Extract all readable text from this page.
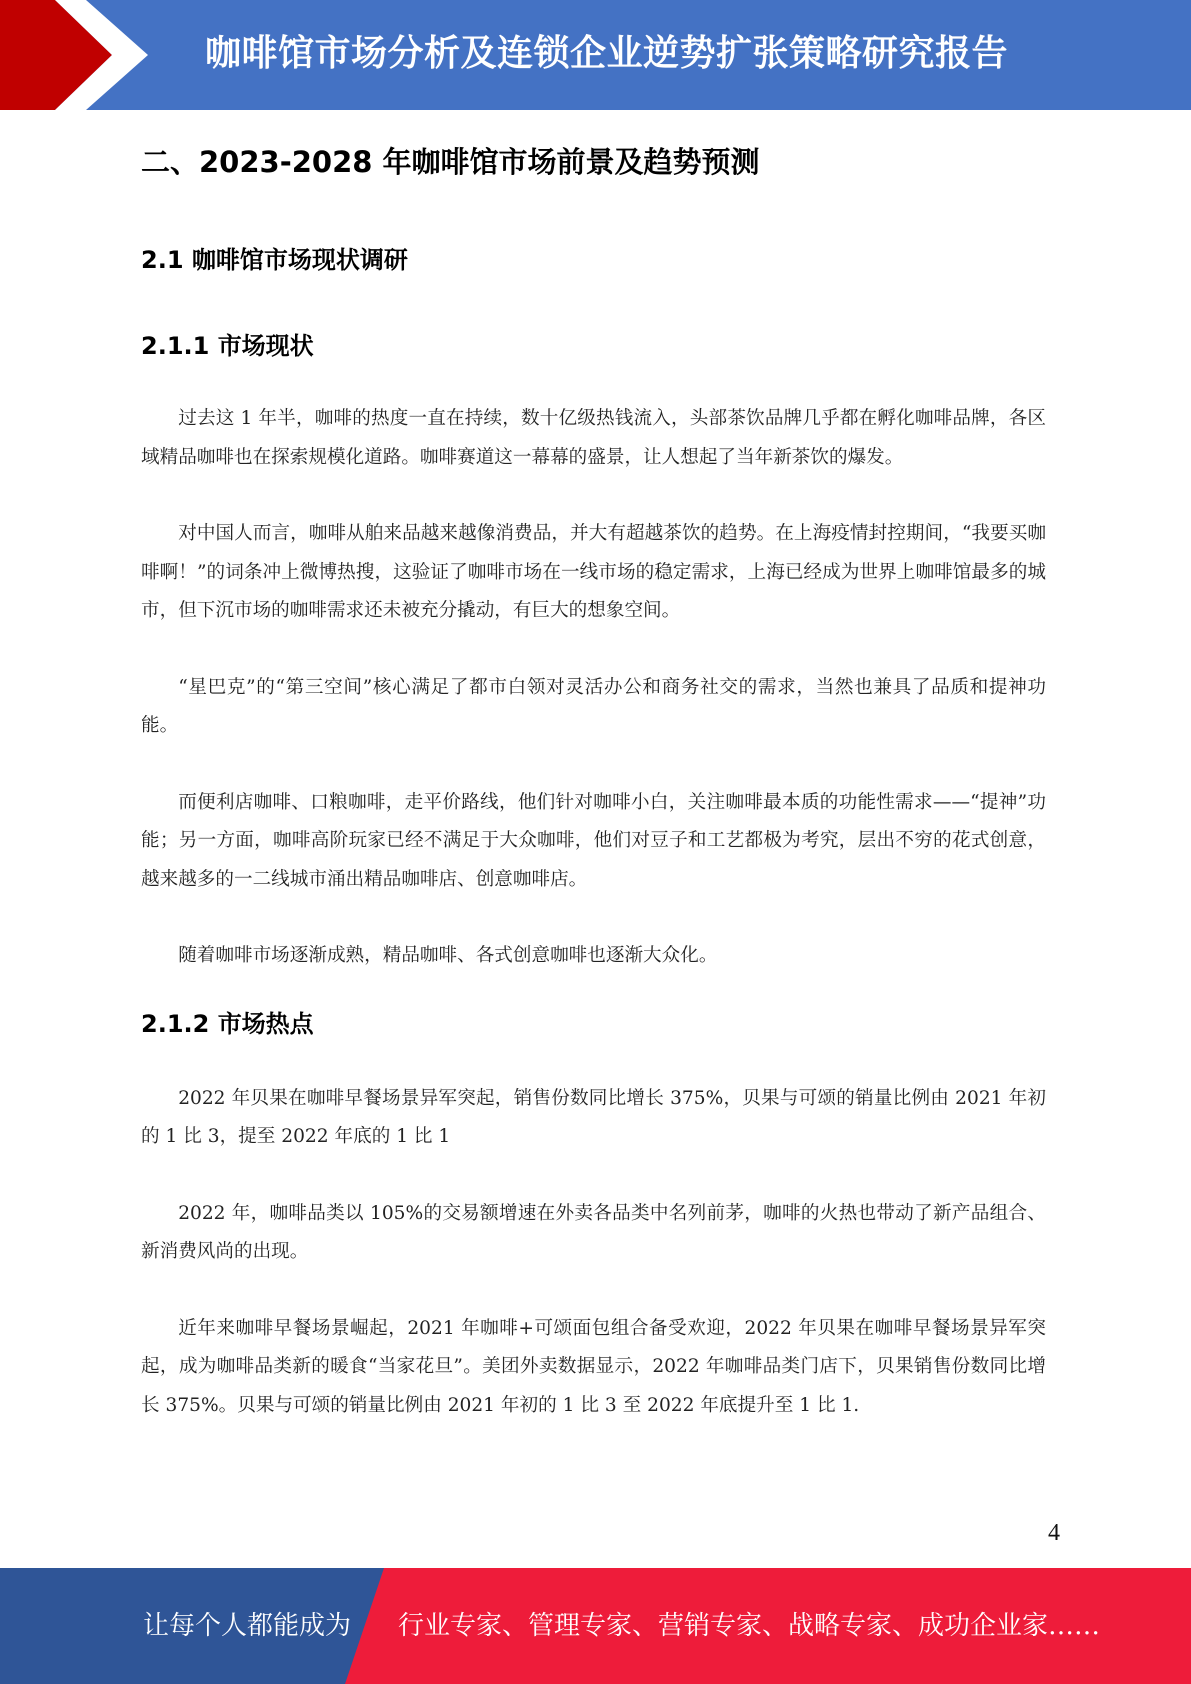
咖啡馆市场分析及连锁企业逆势扩张策略研究报告
二、2023-2028 年咖啡馆市场前景及趋势预测
2.1 咖啡馆市场现状调研
2.1.1 市场现状

过去这 1 年半，咖啡的热度一直在持续，数十亿级热钱流入，头部茶饮品牌几乎都在孵化咖啡品牌，各区域精品咖啡也在探索规模化道路。咖啡赛道这一幕幕的盛景，让人想起了当年新茶饮的爆发。

对中国人而言，咖啡从舶来品越来越像消费品，并大有超越茶饮的趋势。在上海疫情封控期间，“我要买咖啡啊！”的词条冲上微博热搜，这验证了咖啡市场在一线市场的稳定需求，上海已经成为世界上咖啡馆最多的城市，但下沉市场的咖啡需求还未被充分撬动，有巨大的想象空间。

“星巴克”的“第三空间”核心满足了都市白领对灵活办公和商务社交的需求，当然也兼具了品质和提神功能。

而便利店咖啡、口粮咖啡，走平价路线，他们针对咖啡小白，关注咖啡最本质的功能性需求——“提神”功能；另一方面，咖啡高阶玩家已经不满足于大众咖啡，他们对豆子和工艺都极为考究，层出不穷的花式创意，越来越多的一二线城市涌出精品咖啡店、创意咖啡店。

随着咖啡市场逐渐成熟，精品咖啡、各式创意咖啡也逐渐大众化。

2.1.2 市场热点

2022 年贝果在咖啡早餐场景异军突起，销售份数同比增长 375%，贝果与可颂的销量比例由 2021 年初的 1 比 3，提至 2022 年底的 1 比 1

2022 年，咖啡品类以 105%的交易额增速在外卖各品类中名列前茅，咖啡的火热也带动了新产品组合、新消费风尚的出现。

近年来咖啡早餐场景崛起，2021 年咖啡+可颂面包组合备受欢迎，2022 年贝果在咖啡早餐场景异军突起，成为咖啡品类新的暖食“当家花旦”。美团外卖数据显示，2022 年咖啡品类门店下，贝果销售份数同比增长 375%。贝果与可颂的销量比例由 2021 年初的 1 比 3 至 2022 年底提升至 1 比 1.

4
让每个人都能成为 行业专家、管理专家、营销专家、战略专家、成功企业家……
